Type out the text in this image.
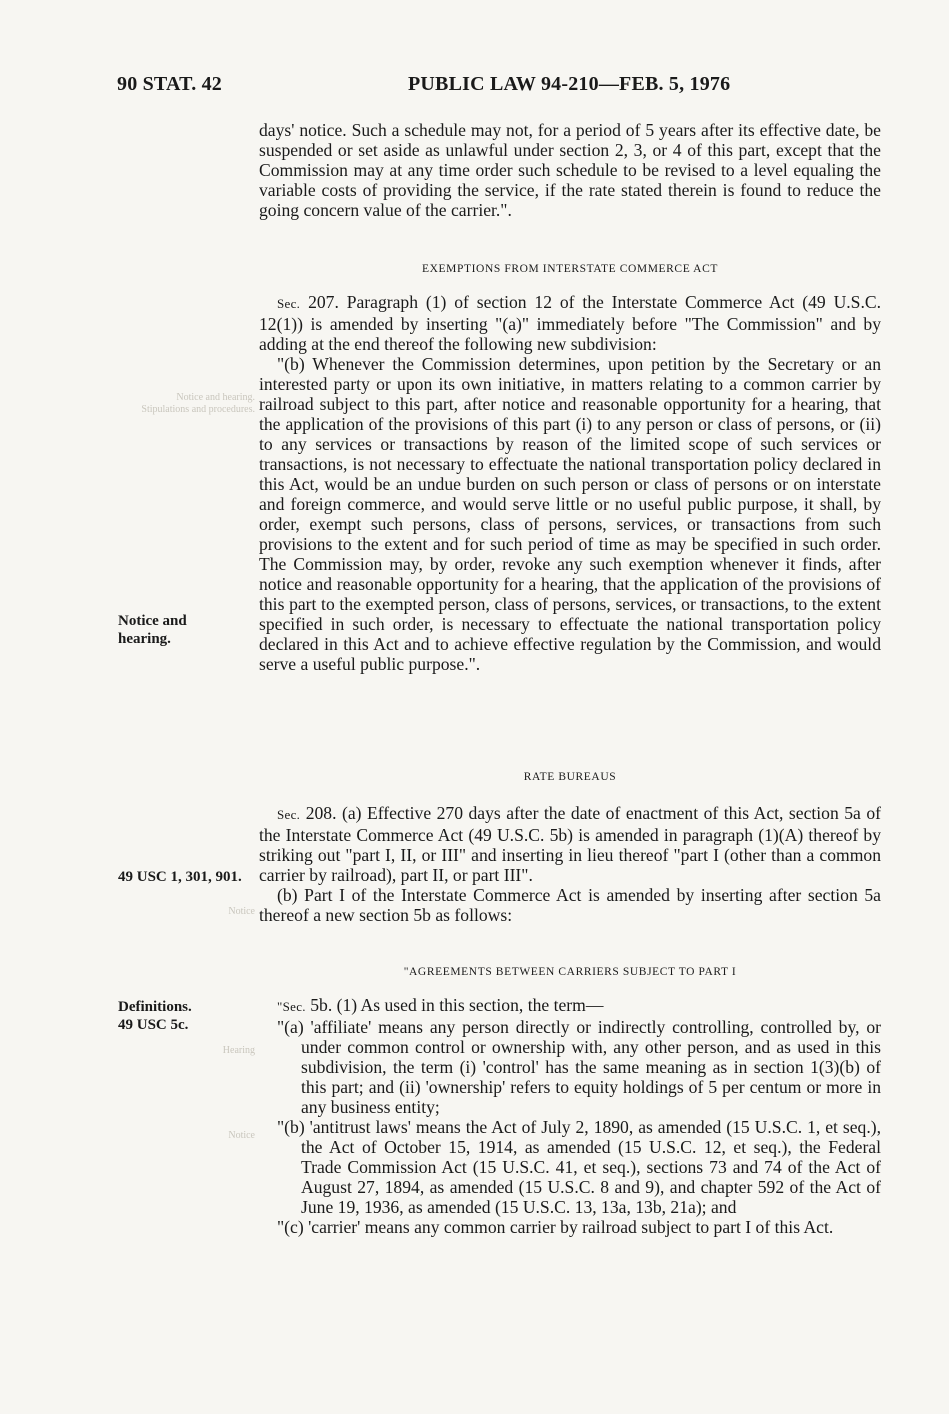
90 STAT. 42	PUBLIC LAW 94-210—FEB. 5, 1976
Notice and hearing. Stipulations and procedures.
Notice
Hearing
Notice
Notice and hearing.
49 USC 1, 301, 901.
Definitions.
49 USC 5c.

days' notice. Such a schedule may not, for a period of 5 years after its effective date, be suspended or set aside as unlawful under section 2, 3, or 4 of this part, except that the Commission may at any time order such schedule to be revised to a level equaling the variable costs of providing the service, if the rate stated therein is found to reduce the going concern value of the carrier.".

EXEMPTIONS FROM INTERSTATE COMMERCE ACT

Sec. 207. Paragraph (1) of section 12 of the Interstate Commerce Act (49 U.S.C. 12(1)) is amended by inserting "(a)" immediately before "The Commission" and by adding at the end thereof the following new subdivision:

"(b) Whenever the Commission determines, upon petition by the Secretary or an interested party or upon its own initiative, in matters relating to a common carrier by railroad subject to this part, after notice and reasonable opportunity for a hearing, that the application of the provisions of this part (i) to any person or class of persons, or (ii) to any services or transactions by reason of the limited scope of such services or transactions, is not necessary to effectuate the national transportation policy declared in this Act, would be an undue burden on such person or class of persons or on interstate and foreign commerce, and would serve little or no useful public purpose, it shall, by order, exempt such persons, class of persons, services, or transactions from such provisions to the extent and for such period of time as may be specified in such order. The Commission may, by order, revoke any such exemption whenever it finds, after notice and reasonable opportunity for a hearing, that the application of the provisions of this part to the exempted person, class of persons, services, or transactions, to the extent specified in such order, is necessary to effectuate the national transportation policy declared in this Act and to achieve effective regulation by the Commission, and would serve a useful public purpose.".

RATE BUREAUS

Sec. 208. (a) Effective 270 days after the date of enactment of this Act, section 5a of the Interstate Commerce Act (49 U.S.C. 5b) is amended in paragraph (1)(A) thereof by striking out "part I, II, or III" and inserting in lieu thereof "part I (other than a common carrier by railroad), part II, or part III".

(b) Part I of the Interstate Commerce Act is amended by inserting after section 5a thereof a new section 5b as follows:

"AGREEMENTS BETWEEN CARRIERS SUBJECT TO PART I

"Sec. 5b. (1) As used in this section, the term—

"(a) 'affiliate' means any person directly or indirectly controlling, controlled by, or under common control or ownership with, any other person, and as used in this subdivision, the term (i) 'control' has the same meaning as in section 1(3)(b) of this part; and (ii) 'ownership' refers to equity holdings of 5 per centum or more in any business entity;

"(b) 'antitrust laws' means the Act of July 2, 1890, as amended (15 U.S.C. 1, et seq.), the Act of October 15, 1914, as amended (15 U.S.C. 12, et seq.), the Federal Trade Commission Act (15 U.S.C. 41, et seq.), sections 73 and 74 of the Act of August 27, 1894, as amended (15 U.S.C. 8 and 9), and chapter 592 of the Act of June 19, 1936, as amended (15 U.S.C. 13, 13a, 13b, 21a); and

"(c) 'carrier' means any common carrier by railroad subject to part I of this Act.
